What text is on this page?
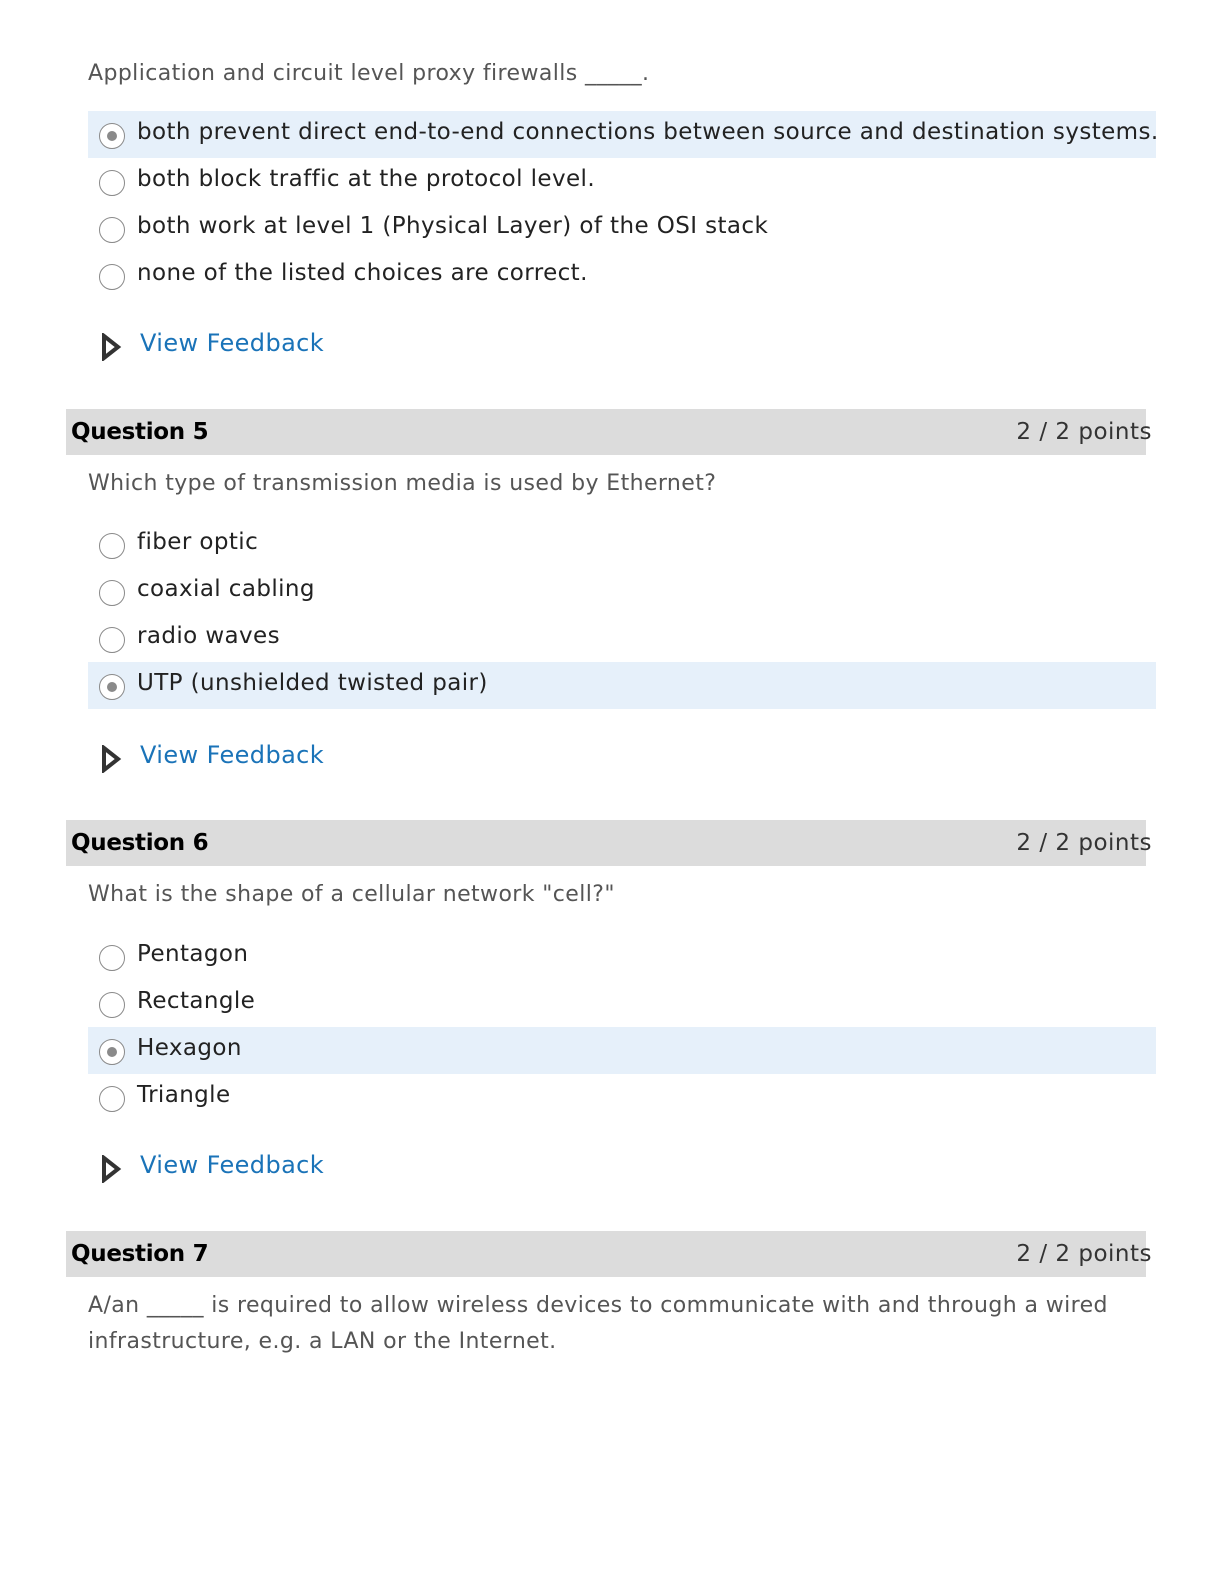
Application and circuit level proxy firewalls _____.
both prevent direct end-to-end connections between source and destination systems.
both block traffic at the protocol level.
both work at level 1 (Physical Layer) of the OSI stack
none of the listed choices are correct.
View Feedback
Question 5	2 / 2 points
Which type of transmission media is used by Ethernet?
fiber optic
coaxial cabling
radio waves
UTP (unshielded twisted pair)
View Feedback
Question 6	2 / 2 points
What is the shape of a cellular network "cell?"
Pentagon
Rectangle
Hexagon
Triangle
View Feedback
Question 7	2 / 2 points
A/an _____ is required to allow wireless devices to communicate with and through a wired
infrastructure, e.g. a LAN or the Internet.
